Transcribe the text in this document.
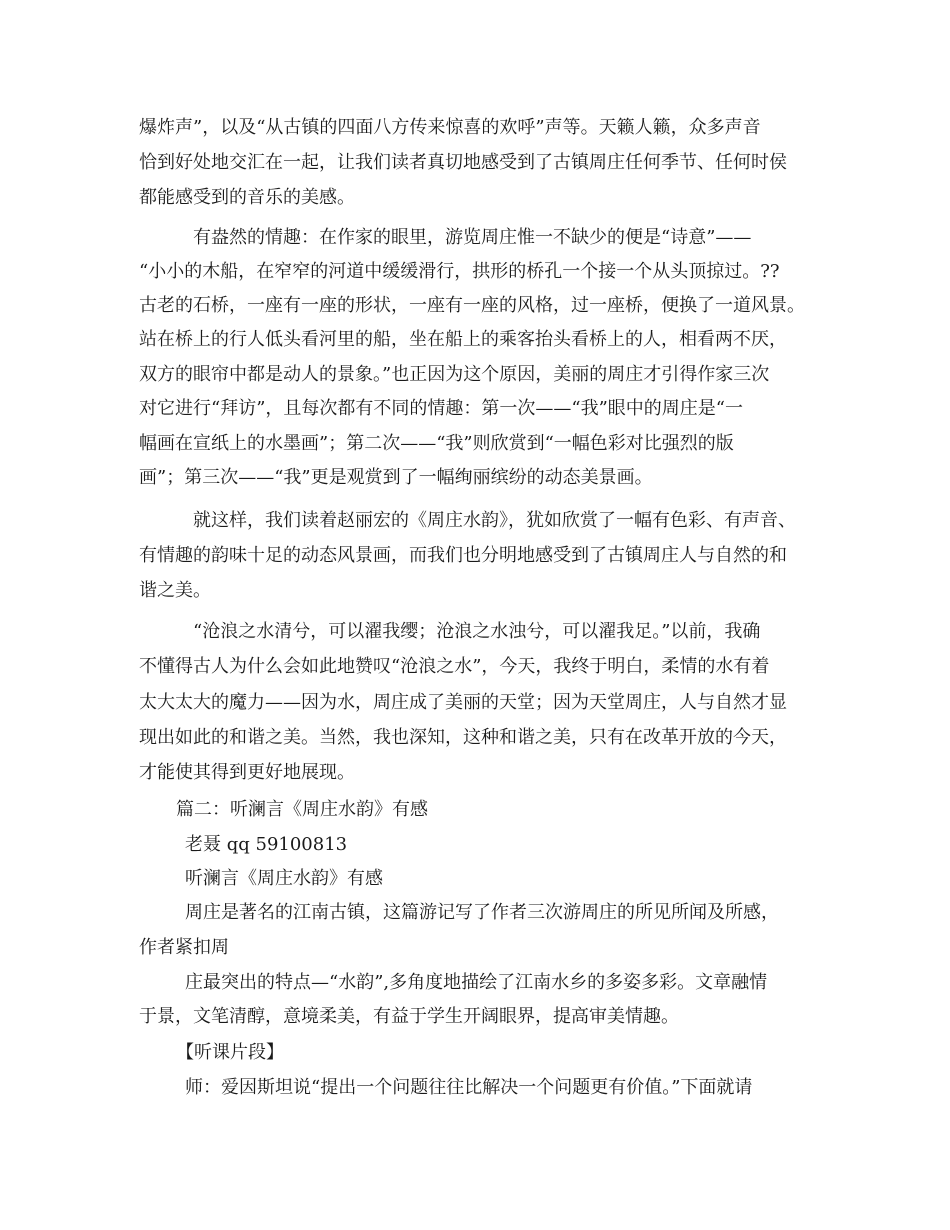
爆炸声”，以及“从古镇的四面八方传来惊喜的欢呼”声等。天籁人籁，众多声音
恰到好处地交汇在一起，让我们读者真切地感受到了古镇周庄任何季节、任何时侯
都能感受到的音乐的美感。
有盎然的情趣：在作家的眼里，游览周庄惟一不缺少的便是“诗意”——
“小小的木船，在窄窄的河道中缓缓滑行，拱形的桥孔一个接一个从头顶掠过。??
古老的石桥，一座有一座的形状，一座有一座的风格，过一座桥，便换了一道风景。
站在桥上的行人低头看河里的船，坐在船上的乘客抬头看桥上的人，相看两不厌，
双方的眼帘中都是动人的景象。”也正因为这个原因，美丽的周庄才引得作家三次
对它进行“拜访”，且每次都有不同的情趣：第一次——“我”眼中的周庄是“一
幅画在宣纸上的水墨画”；第二次——“我”则欣赏到“一幅色彩对比强烈的版
画”；第三次——“我”更是观赏到了一幅绚丽缤纷的动态美景画。
就这样，我们读着赵丽宏的《周庄水韵》，犹如欣赏了一幅有色彩、有声音、
有情趣的韵味十足的动态风景画，而我们也分明地感受到了古镇周庄人与自然的和
谐之美。
“沧浪之水清兮，可以濯我缨；沧浪之水浊兮，可以濯我足。”以前，我确
不懂得古人为什么会如此地赞叹“沧浪之水”，今天，我终于明白，柔情的水有着
太大太大的魔力——因为水，周庄成了美丽的天堂；因为天堂周庄，人与自然才显
现出如此的和谐之美。当然，我也深知，这种和谐之美，只有在改革开放的今天，
才能使其得到更好地展现。
篇二：听澜言《周庄水韵》有感
老聂 qq 59100813
听澜言《周庄水韵》有感
周庄是著名的江南古镇，这篇游记写了作者三次游周庄的所见所闻及所感，
作者紧扣周
庄最突出的特点—“水韵”,多角度地描绘了江南水乡的多姿多彩。文章融情
于景，文笔清醇，意境柔美，有益于学生开阔眼界，提高审美情趣。
【听课片段】
师：爱因斯坦说“提出一个问题往往比解决一个问题更有价值。”下面就请
